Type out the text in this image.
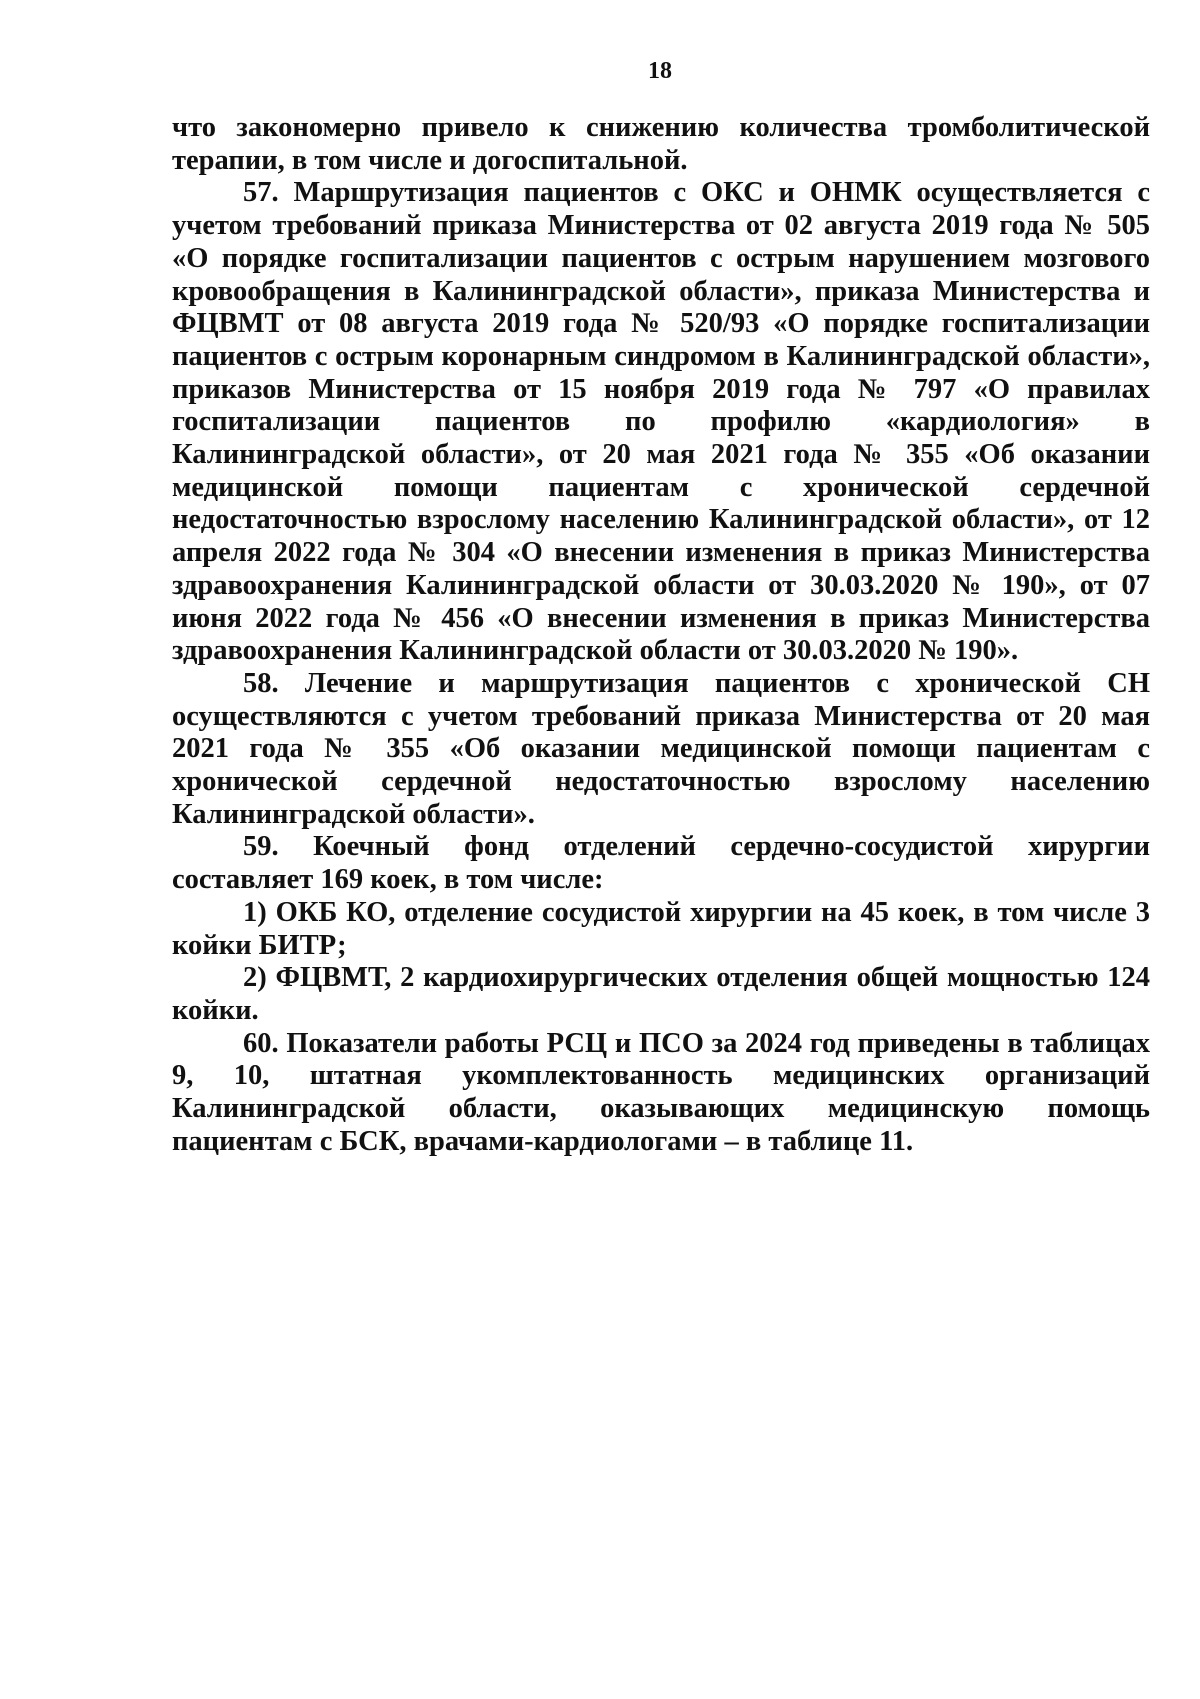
18

что закономерно привело к снижению количества тромболитической терапии, в том числе и догоспитальной.

57. Маршрутизация пациентов с ОКС и ОНМК осуществляется с учетом требований приказа Министерства от 02 августа 2019 года № 505 «О порядке госпитализации пациентов с острым нарушением мозгового кровообращения в Калининградской области», приказа Министерства и ФЦВМТ от 08 августа 2019 года № 520/93 «О порядке госпитализации пациентов с острым коронарным синдромом в Калининградской области», приказов Министерства от 15 ноября 2019 года № 797 «О правилах госпитализации пациентов по профилю «кардиология» в Калининградской области», от 20 мая 2021 года № 355 «Об оказании медицинской помощи пациентам с хронической сердечной недостаточностью взрослому населению Калининградской области», от 12 апреля 2022 года № 304 «О внесении изменения в приказ Министерства здравоохранения Калининградской области от 30.03.2020 № 190», от 07 июня 2022 года № 456 «О внесении изменения в приказ Министерства здравоохранения Калининградской области от 30.03.2020 № 190».

58. Лечение и маршрутизация пациентов с хронической СН осуществляются с учетом требований приказа Министерства от 20 мая 2021 года № 355 «Об оказании медицинской помощи пациентам с хронической сердечной недостаточностью взрослому населению Калининградской области».

59. Коечный фонд отделений сердечно-сосудистой хирургии составляет 169 коек, в том числе:

1) ОКБ КО, отделение сосудистой хирургии на 45 коек, в том числе 3 койки БИТР;

2) ФЦВМТ, 2 кардиохирургических отделения общей мощностью 124 койки.

60. Показатели работы РСЦ и ПСО за 2024 год приведены в таблицах 9, 10, штатная укомплектованность медицинских организаций Калининградской области, оказывающих медицинскую помощь пациентам с БСК, врачами-кардиологами – в таблице 11.
